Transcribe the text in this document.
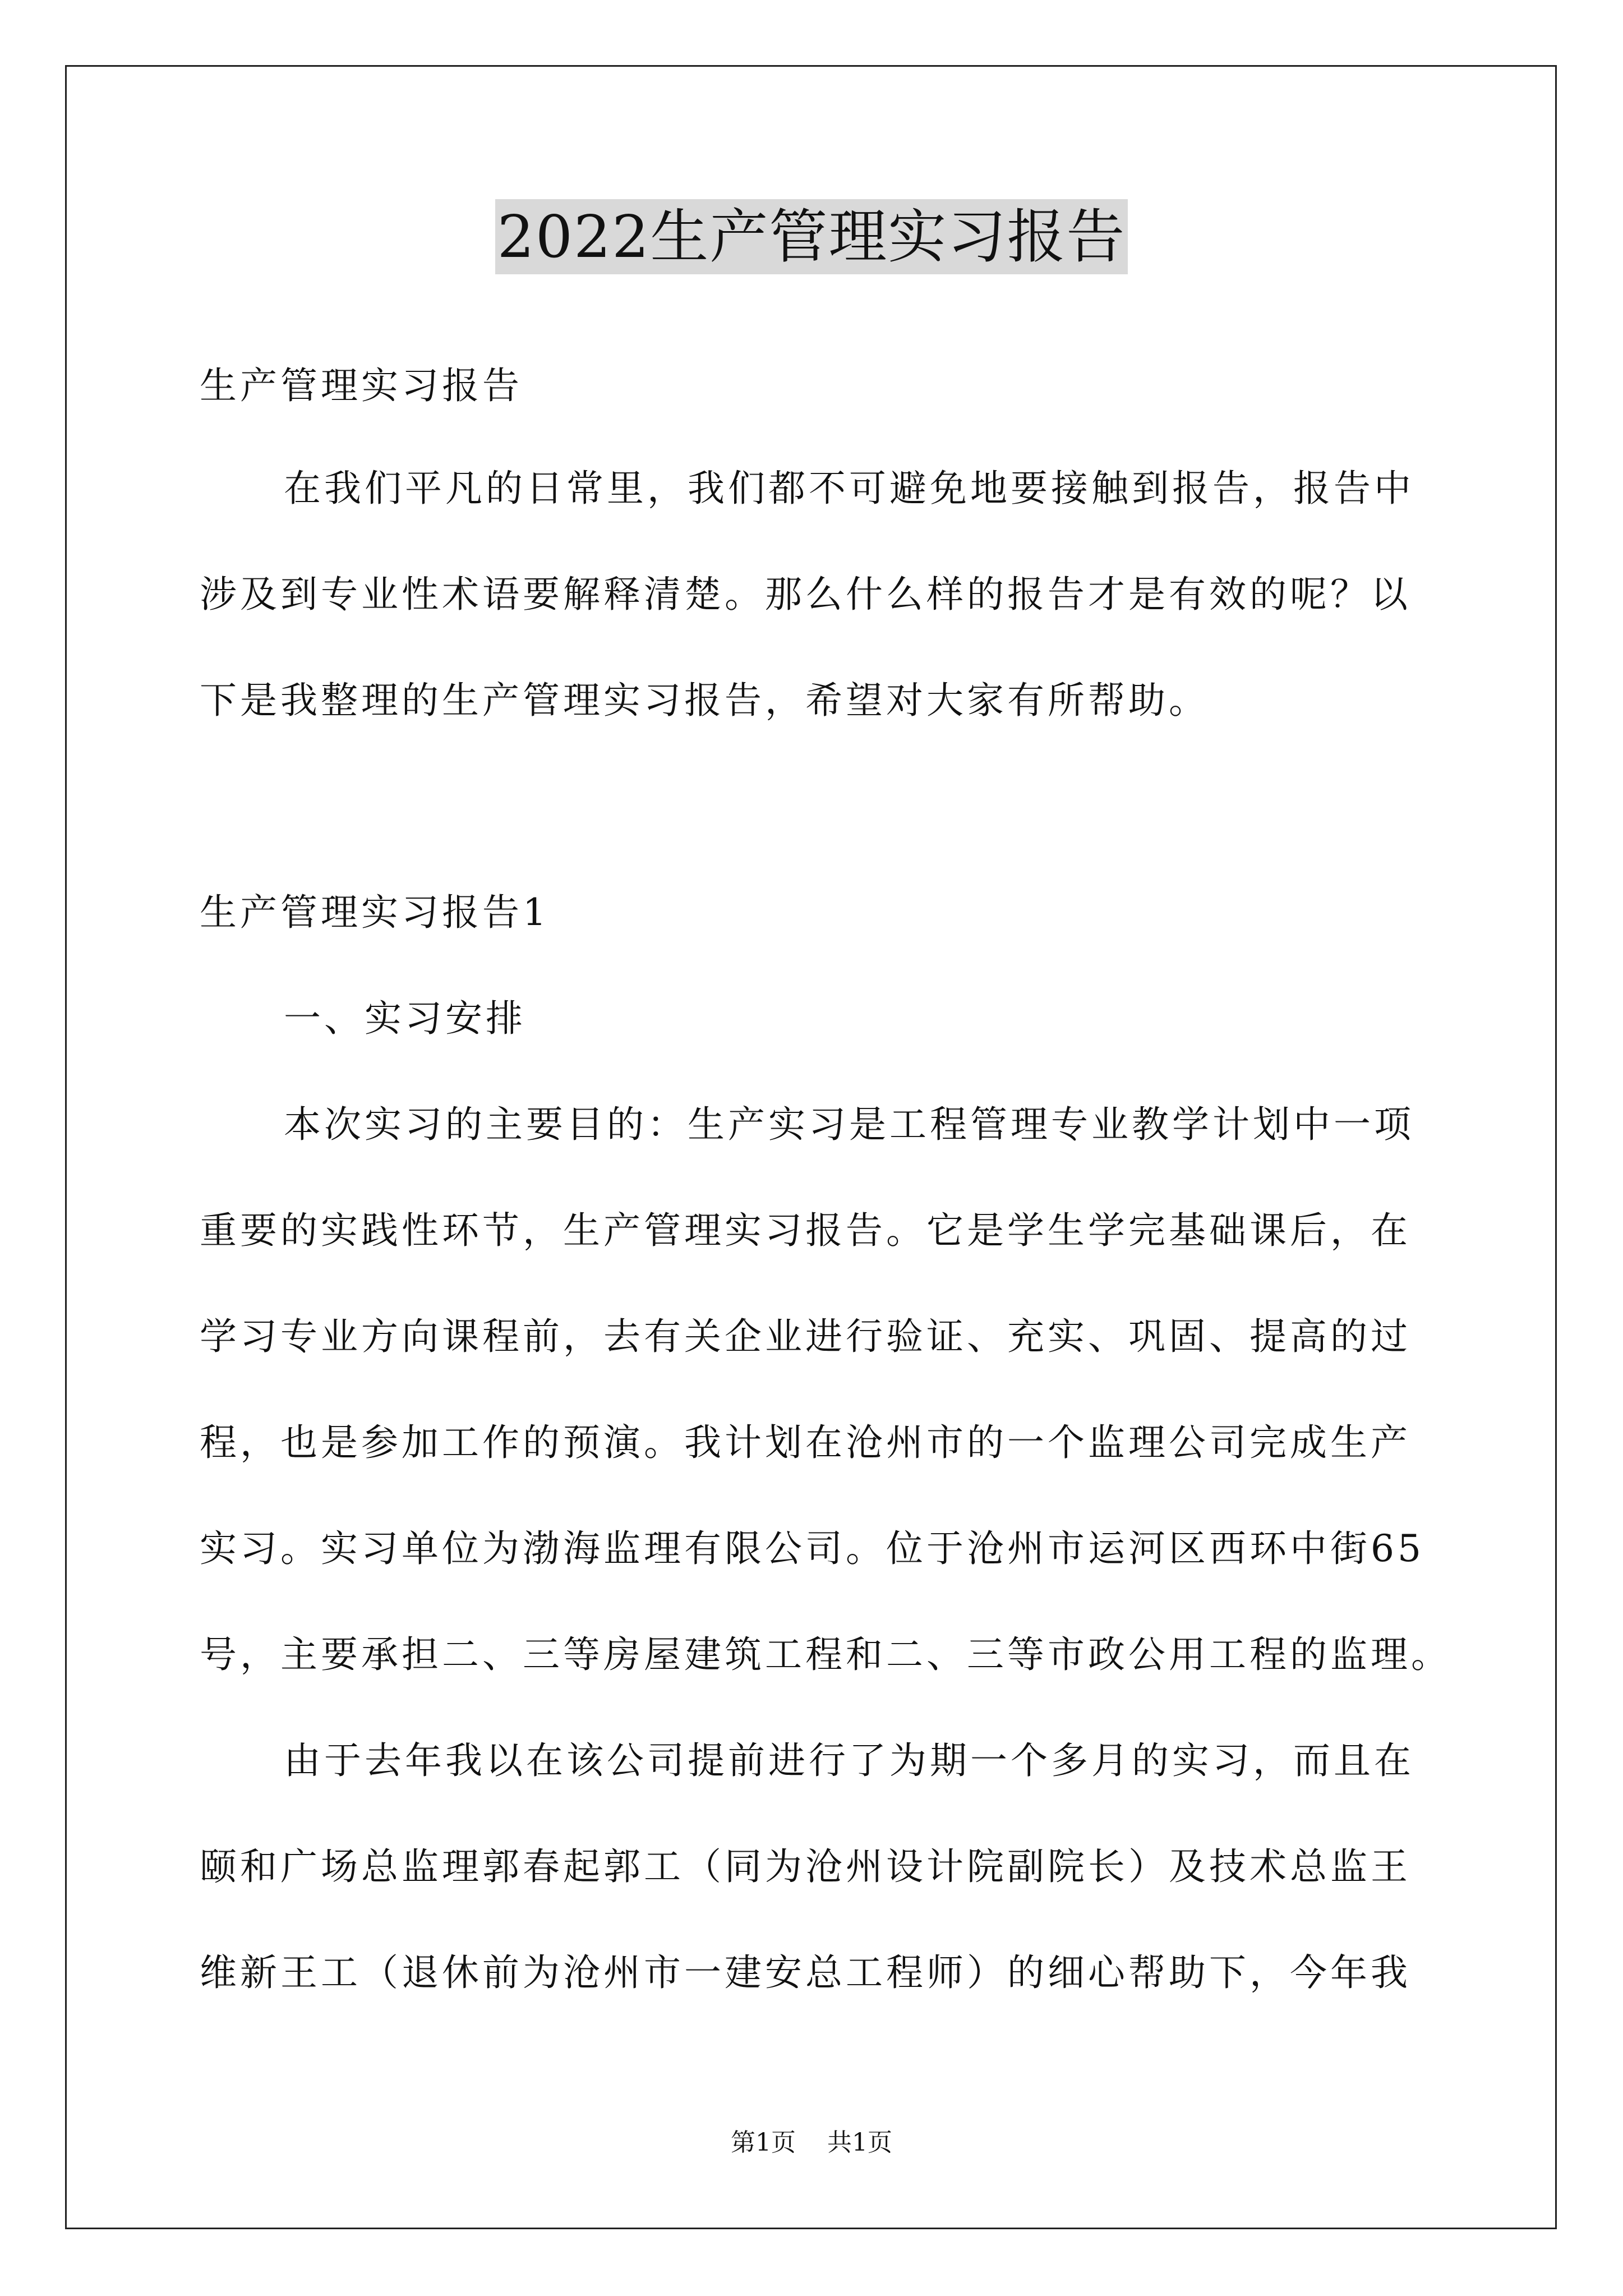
2022生产管理实习报告

生产管理实习报告

在我们平凡的日常里，我们都不可避免地要接触到报告，报告中

涉及到专业性术语要解释清楚。那么什么样的报告才是有效的呢？以

下是我整理的生产管理实习报告，希望对大家有所帮助。

生产管理实习报告1

一、实习安排

本次实习的主要目的：生产实习是工程管理专业教学计划中一项

重要的实践性环节，生产管理实习报告。它是学生学完基础课后，在

学习专业方向课程前，去有关企业进行验证、充实、巩固、提高的过

程，也是参加工作的预演。我计划在沧州市的一个监理公司完成生产

实习。实习单位为渤海监理有限公司。位于沧州市运河区西环中街65

号，主要承担二、三等房屋建筑工程和二、三等市政公用工程的监理。

由于去年我以在该公司提前进行了为期一个多月的实习，而且在

颐和广场总监理郭春起郭工（同为沧州设计院副院长）及技术总监王

维新王工（退休前为沧州市一建安总工程师）的细心帮助下，今年我

第1页 共1页
